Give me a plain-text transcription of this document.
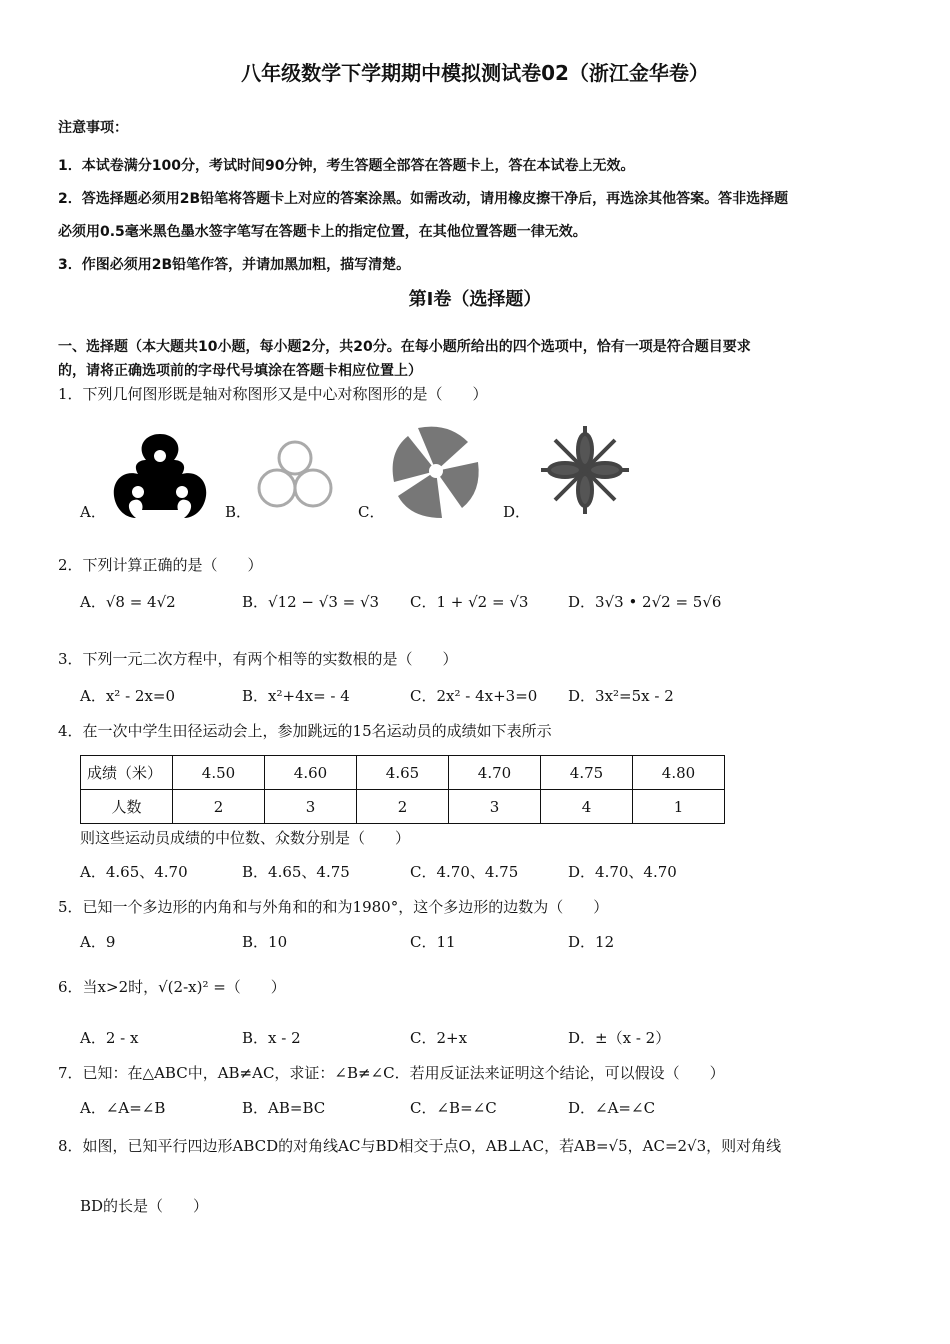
八年级数学下学期期中模拟测试卷02（浙江金华卷）
注意事项：
1．本试卷满分100分，考试时间90分钟，考生答题全部答在答题卡上，答在本试卷上无效。
2．答选择题必须用2B铅笔将答题卡上对应的答案涂黑。如需改动，请用橡皮擦干净后，再选涂其他答案。答非选择题
必须用0.5毫米黑色墨水签字笔写在答题卡上的指定位置，在其他位置答题一律无效。
3．作图必须用2B铅笔作答，并请加黑加粗，描写清楚。
第Ⅰ卷（选择题）
一、选择题（本大题共10小题，每小题2分，共20分。在每小题所给出的四个选项中，恰有一项是符合题目要求
的，请将正确选项前的字母代号填涂在答题卡相应位置上）
1．下列几何图形既是轴对称图形又是中心对称图形的是（　　）
A．	B．	C．	D．
2．下列计算正确的是（　　）
A．√8 = 4√2	B．√12 − √3 = √3 C．1 + √2 = √3	D．3√3 • 2√2 = 5√6
3．下列一元二次方程中，有两个相等的实数根的是（　　）
A．x² - 2x=0	B．x²+4x= - 4	C．2x² - 4x+3=0 D．3x²=5x - 2
4．在一次中学生田径运动会上，参加跳远的15名运动员的成绩如下表所示
成绩（米）	4.50	4.60	4.65	4.70	4.75	4.80
人数	2	3	2	3	4	1
则这些运动员成绩的中位数、众数分别是（　　）
A．4.65、4.70	B．4.65、4.75	C．4.70、4.75	D．4.70、4.70
5．已知一个多边形的内角和与外角和的和为1980°，这个多边形的边数为（　　）
A．9	B．10	C．11	D．12
6．当x>2时，√(2-x)² =（　　）
A．2 - x	B．x - 2	C．2+x	D．±（x - 2）
7．已知：在△ABC中，AB≠AC，求证：∠B≠∠C．若用反证法来证明这个结论，可以假设（　　）
A．∠A=∠B	B．AB=BC	C．∠B=∠C	D．∠A=∠C
8．如图，已知平行四边形ABCD的对角线AC与BD相交于点O，AB⊥AC，若AB=√5，AC=2√3，则对角线
BD的长是（　　）
